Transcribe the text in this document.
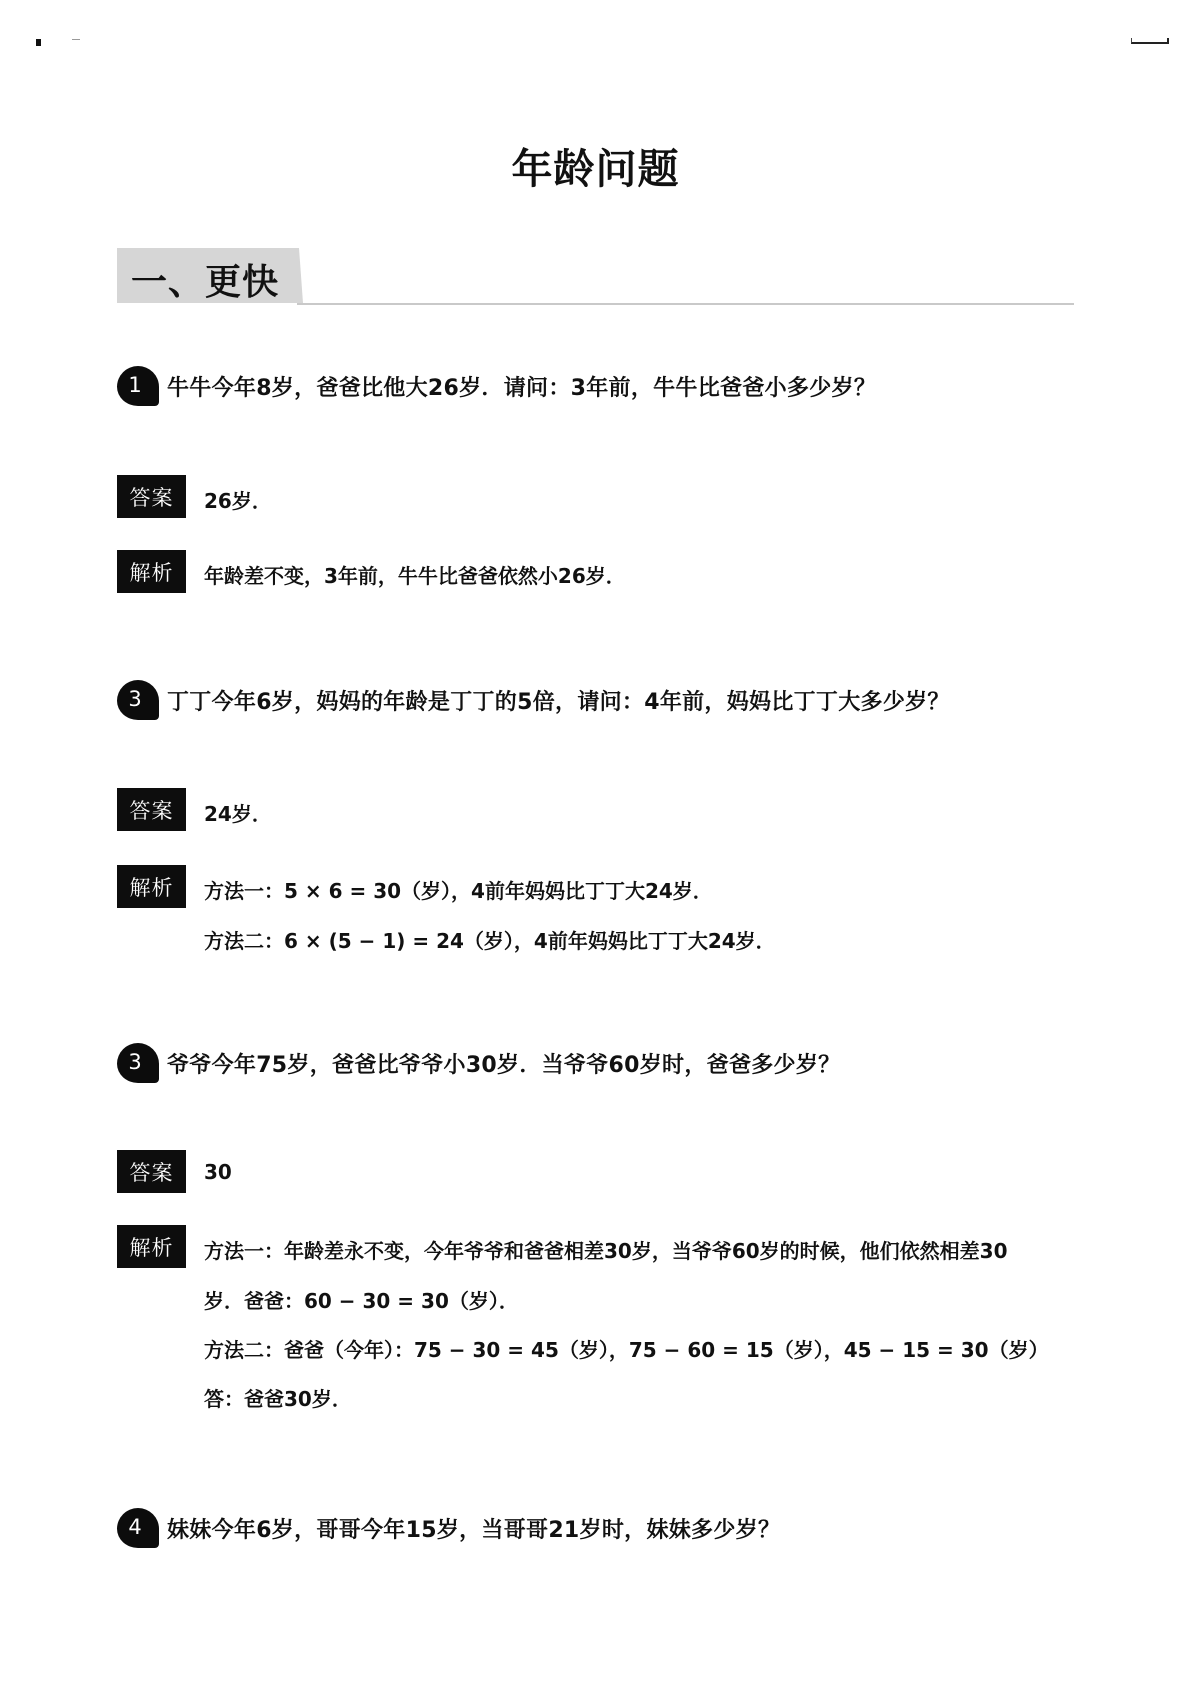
年龄问题
一、更快
1	牛牛今年8岁，爸爸比他大26岁．请问：3年前，牛牛比爸爸小多少岁？
答案	26岁．
解析	年龄差不变，3年前，牛牛比爸爸依然小26岁．
3	丁丁今年6岁，妈妈的年龄是丁丁的5倍，请问：4年前，妈妈比丁丁大多少岁？
答案	24岁．
解析	方法一：5 × 6 = 30（岁），4前年妈妈比丁丁大24岁．
方法二：6 × (5 − 1) = 24（岁），4前年妈妈比丁丁大24岁．
3	爷爷今年75岁，爸爸比爷爷小30岁．当爷爷60岁时，爸爸多少岁？
答案	30
解析	方法一：年龄差永不变，今年爷爷和爸爸相差30岁，当爷爷60岁的时候，他们依然相差30
岁．爸爸：60 − 30 = 30（岁）．
方法二：爸爸（今年）：75 − 30 = 45（岁），75 − 60 = 15（岁），45 − 15 = 30（岁）
答：爸爸30岁．
4	妹妹今年6岁，哥哥今年15岁，当哥哥21岁时，妹妹多少岁？
